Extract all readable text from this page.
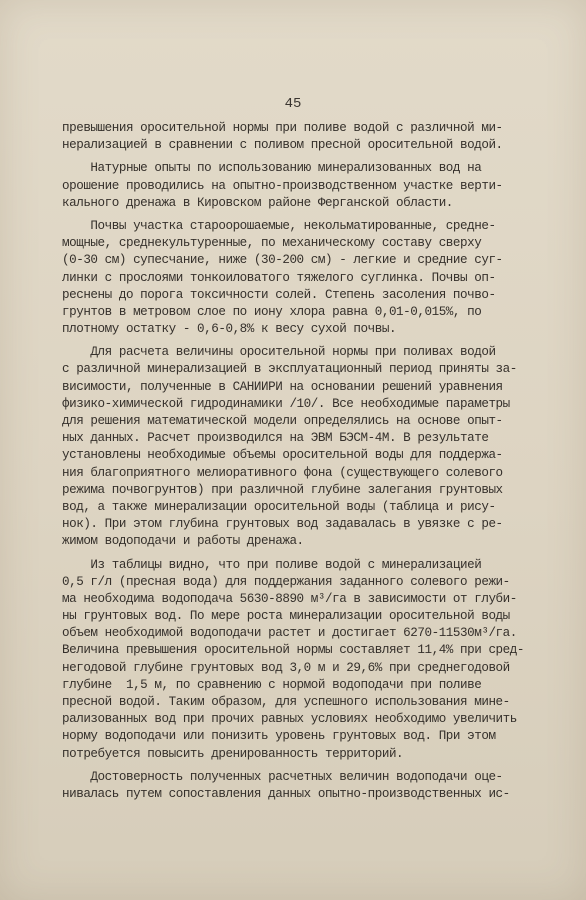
45
превышения оросительной нормы при поливе водой с различной ми-
нерализацией в сравнении с поливом пресной оросительной водой.
Натурные опыты по использованию минерализованных вод на
орошение проводились на опытно-производственном участке верти-
кального дренажа в Кировском районе Ферганской области.
Почвы участка староорошаемые, некольматированные, средне-
мощные, среднекультуренные, по механическому составу сверху
(0-30 см) супесчание, ниже (30-200 см) - легкие и средние суг-
линки с прослоями тонкоиловатого тяжелого суглинка. Почвы оп-
реснены до порога токсичности солей. Степень засоления почво-
грунтов в метровом слое по иону хлора равна 0,01-0,015%, по
плотному остатку - 0,6-0,8% к весу сухой почвы.
Для расчета величины оросительной нормы при поливах водой
с различной минерализацией в эксплуатационный период приняты за-
висимости, полученные в САНИИРИ на основании решений уравнения
физико-химической гидродинамики /10/. Все необходимые параметры
для решения математической модели определялись на основе опыт-
ных данных. Расчет производился на ЭВМ БЭСМ-4М. В результате
установлены необходимые объемы оросительной воды для поддержа-
ния благоприятного мелиоративного фона (существующего солевого
режима почвогрунтов) при различной глубине залегания грунтовых
вод, а также минерализации оросительной воды (таблица и рису-
нок). При этом глубина грунтовых вод задавалась в увязке с ре-
жимом водоподачи и работы дренажа.
Из таблицы видно, что при поливе водой с минерализацией
0,5 г/л (пресная вода) для поддержания заданного солевого режи-
ма необходима водоподача 5630-8890 м³/га в зависимости от глуби-
ны грунтовых вод. По мере роста минерализации оросительной воды
объем необходимой водоподачи растет и достигает 6270-11530м³/га.
Величина превышения оросительной нормы составляет 11,4% при сред-
негодовой глубине грунтовых вод 3,0 м и 29,6% при среднегодовой
глубине  1,5 м, по сравнению с нормой водоподачи при поливе
пресной водой. Таким образом, для успешного использования мине-
рализованных вод при прочих равных условиях необходимо увеличить
норму водоподачи или понизить уровень грунтовых вод. При этом
потребуется повысить дренированность территорий.
Достоверность полученных расчетных величин водоподачи оце-
нивалась путем сопоставления данных опытно-производственных ис-
